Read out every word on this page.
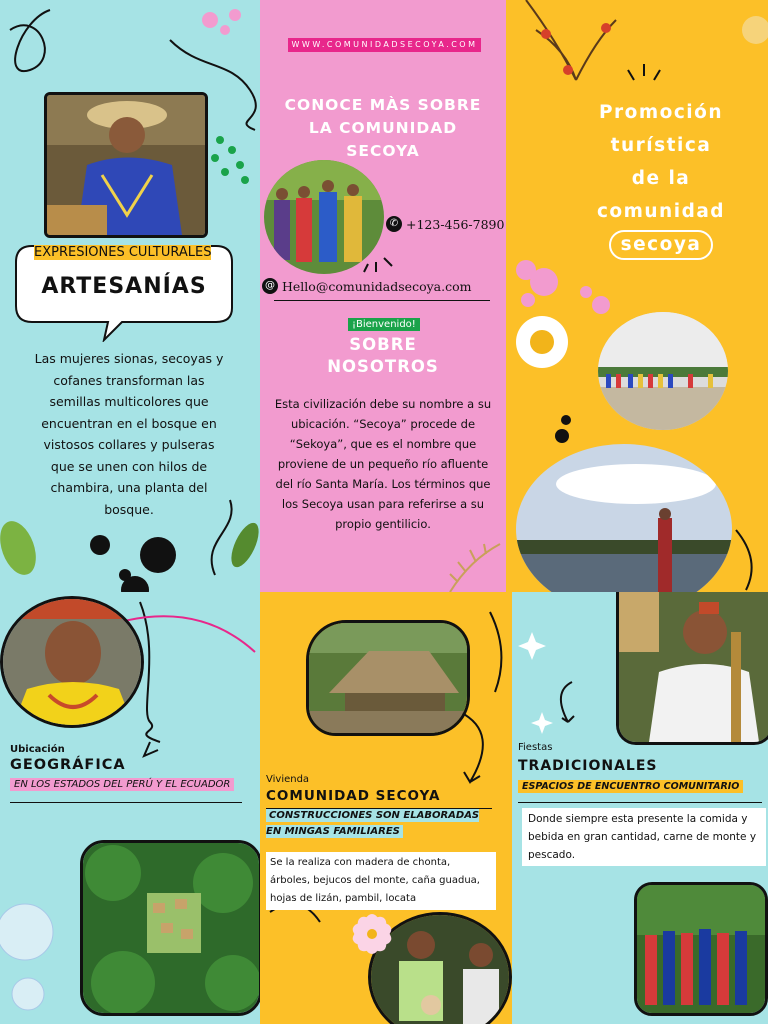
EXPRESIONES CULTURALES
ARTESANÍAS
Las mujeres sionas, secoyas y cofanes transforman las semillas multicolores que encuentran en el bosque en vistosos collares y pulseras que se unen con hilos de chambira, una planta del bosque.
WWW.COMUNIDADSECOYA.COM
CONOCE MÀS SOBRE LA COMUNIDAD SECOYA
✆ +123-456-7890
@ Hello@comunidadsecoya.com
¡Bienvenido!
SOBRE NOSOTROS
Esta civilización debe su nombre a su ubicación. “Secoya” procede de “Sekoya”, que es el nombre que proviene de un pequeño río afluente del río Santa María. Los términos que los Secoya usan para referirse a su propio gentilicio.
Promoción
turística
de la
comunidad
secoya
Ubicación
GEOGRÁFICA
EN LOS ESTADOS DEL PERÚ Y EL ECUADOR	Vivienda
COMUNIDAD SECOYA
CONSTRUCCIONES SON ELABORADAS EN MINGAS FAMILIARES
Se la realiza con madera de chonta, árboles, bejucos del monte, caña guadua, hojas de lizán, pambil, locata
Fiestas
TRADICIONALES
ESPACIOS DE ENCUENTRO COMUNITARIO
Donde siempre esta presente la comida y bebida en gran cantidad, carne de monte y pescado.
